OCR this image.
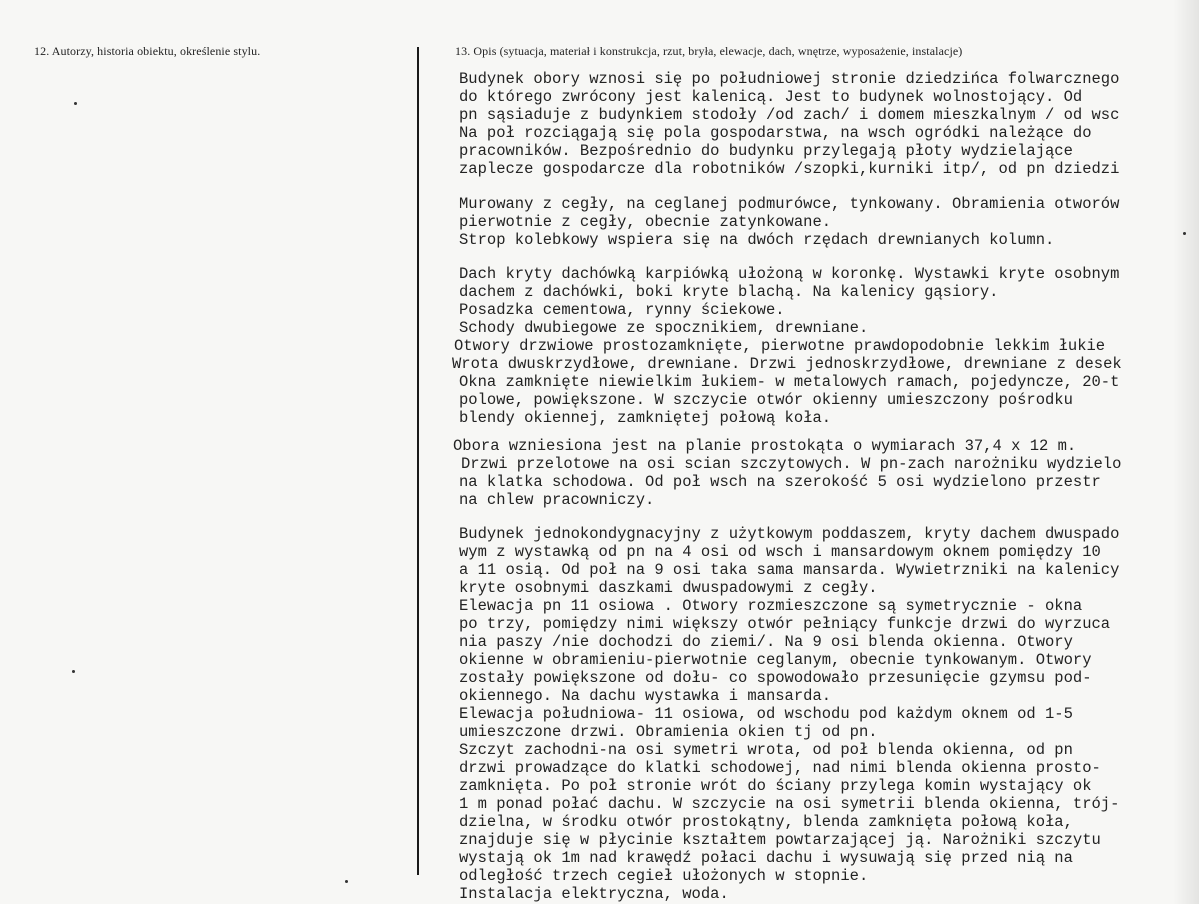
12. Autorzy, historia obiektu, określenie stylu.	13. Opis (sytuacja, materiał i konstrukcja, rzut, bryła, elewacje, dach, wnętrze, wyposażenie, instalacje)
Budynek obory wznosi się po południowej stronie dziedzińca folwarcznego
do którego zwrócony jest kalenicą. Jest to budynek wolnostojący. Od
pn sąsiaduje z budynkiem stodoły /od zach/ i domem mieszkalnym / od wsc
Na poł rozciągają się pola gospodarstwa, na wsch ogródki należące do
pracowników. Bezpośrednio do budynku przylegają płoty wydzielające
zaplecze gospodarcze dla robotników /szopki,kurniki itp/, od pn dziedzi
Murowany z cegły, na ceglanej podmurówce, tynkowany. Obramienia otworów
pierwotnie z cegły, obecnie zatynkowane.
Strop kolebkowy wspiera się na dwóch rzędach drewnianych kolumn.
Dach kryty dachówką karpiówką ułożoną w koronkę. Wystawki kryte osobnym
dachem z dachówki, boki kryte blachą. Na kalenicy gąsiory.
Posadzka cementowa, rynny ściekowe.
Schody dwubiegowe ze spocznikiem, drewniane.
Otwory drzwiowe prostozamknięte, pierwotne prawdopodobnie lekkim łukie
Wrota dwuskrzydłowe, drewniane. Drzwi jednoskrzydłowe, drewniane z desek
Okna zamknięte niewielkim łukiem- w metalowych ramach, pojedyncze, 20-t
polowe, powiększone. W szczycie otwór okienny umieszczony pośrodku
blendy okiennej, zamkniętej połową koła.
Obora wzniesiona jest na planie prostokąta o wymiarach 37,4 x 12 m.
Drzwi przelotowe na osi scian szczytowych. W pn-zach narożniku wydzielo
na klatka schodowa. Od poł wsch na szerokość 5 osi wydzielono przestr
na chlew pracowniczy.
Budynek jednokondygnacyjny z użytkowym poddaszem, kryty dachem dwuspado
wym z wystawką od pn na 4 osi od wsch i mansardowym oknem pomiędzy 10
a 11 osią. Od poł na 9 osi taka sama mansarda. Wywietrzniki na kalenicy
kryte osobnymi daszkami dwuspadowymi z cegły.
Elewacja pn 11 osiowa . Otwory rozmieszczone są symetrycznie - okna
po trzy, pomiędzy nimi większy otwór pełniący funkcje drzwi do wyrzuca
nia paszy /nie dochodzi do ziemi/. Na 9 osi blenda okienna. Otwory
okienne w obramieniu-pierwotnie ceglanym, obecnie tynkowanym. Otwory
zostały powiększone od dołu- co spowodowało przesunięcie gzymsu pod-
okiennego. Na dachu wystawka i mansarda.
Elewacja południowa- 11 osiowa, od wschodu pod każdym oknem od 1-5
umieszczone drzwi. Obramienia okien tj od pn.
Szczyt zachodni-na osi symetri wrota, od poł blenda okienna, od pn
drzwi prowadzące do klatki schodowej, nad nimi blenda okienna prosto-
zamknięta. Po poł stronie wrót do ściany przylega komin wystający ok
1 m ponad połać dachu. W szczycie na osi symetrii blenda okienna, trój-
dzielna, w środku otwór prostokątny, blenda zamknięta połową koła,
znajduje się w płycinie kształtem powtarzającej ją. Narożniki szczytu
wystają ok 1m nad krawędź połaci dachu i wysuwają się przed nią na
odległość trzech cegieł ułożonych w stopnie.
Instalacja elektryczna, woda.
